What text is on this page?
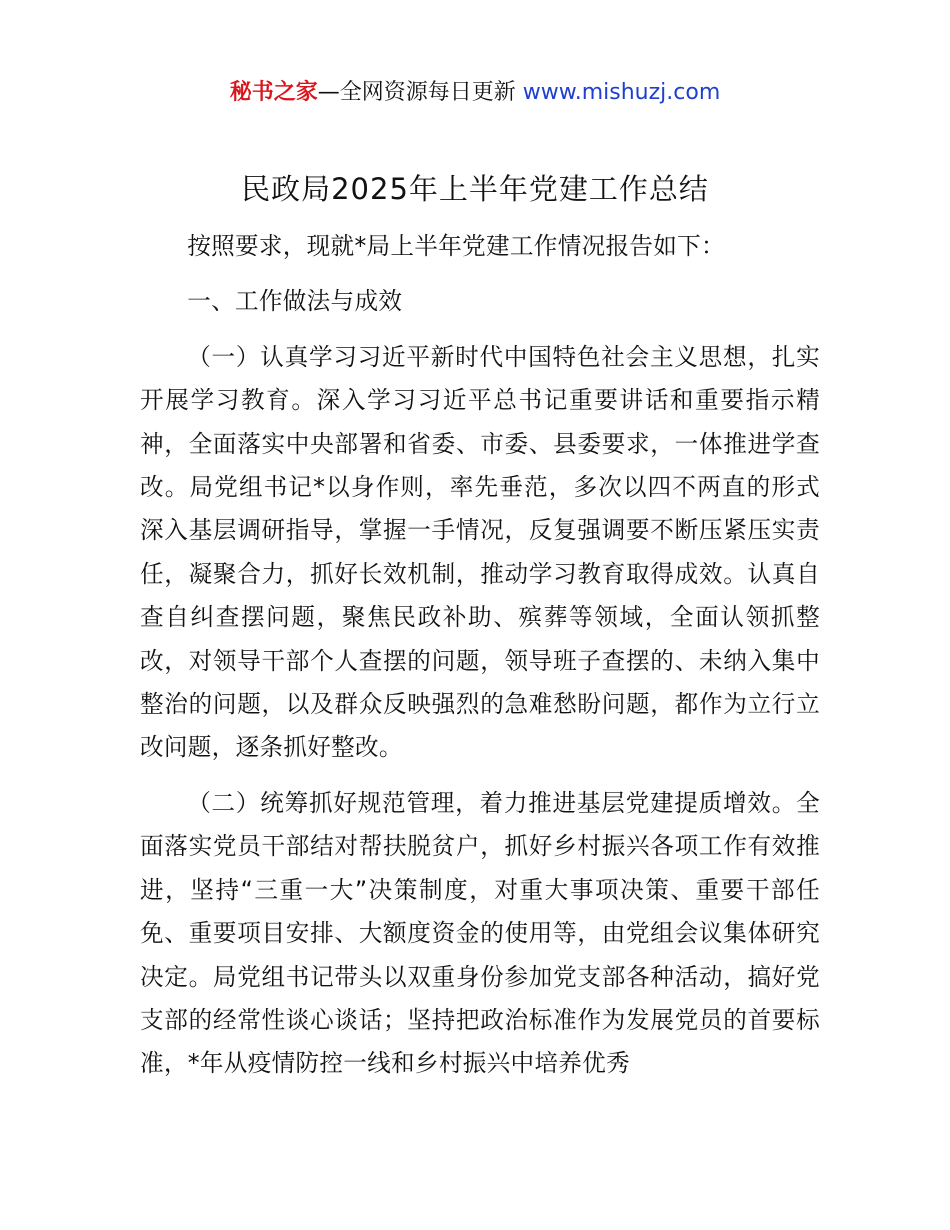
秘书之家—全网资源每日更新 www.mishuzj.com
民政局2025年上半年党建工作总结

按照要求，现就*局上半年党建工作情况报告如下：

一、工作做法与成效

（一）认真学习习近平新时代中国特色社会主义思想，扎实开展学习教育。深入学习习近平总书记重要讲话和重要指示精神，全面落实中央部署和省委、市委、县委要求，一体推进学查改。局党组书记*以身作则，率先垂范，多次以四不两直的形式深入基层调研指导，掌握一手情况，反复强调要不断压紧压实责任，凝聚合力，抓好长效机制，推动学习教育取得成效。认真自查自纠查摆问题，聚焦民政补助、殡葬等领域，全面认领抓整改，对领导干部个人查摆的问题，领导班子查摆的、未纳入集中整治的问题，以及群众反映强烈的急难愁盼问题，都作为立行立改问题，逐条抓好整改。

（二）统筹抓好规范管理，着力推进基层党建提质增效。全面落实党员干部结对帮扶脱贫户，抓好乡村振兴各项工作有效推进，坚持“三重一大”决策制度，对重大事项决策、重要干部任免、重要项目安排、大额度资金的使用等，由党组会议集体研究决定。局党组书记带头以双重身份参加党支部各种活动，搞好党支部的经常性谈心谈话；坚持把政治标准作为发展党员的首要标准，*年从疫情防控一线和乡村振兴中培养优秀
